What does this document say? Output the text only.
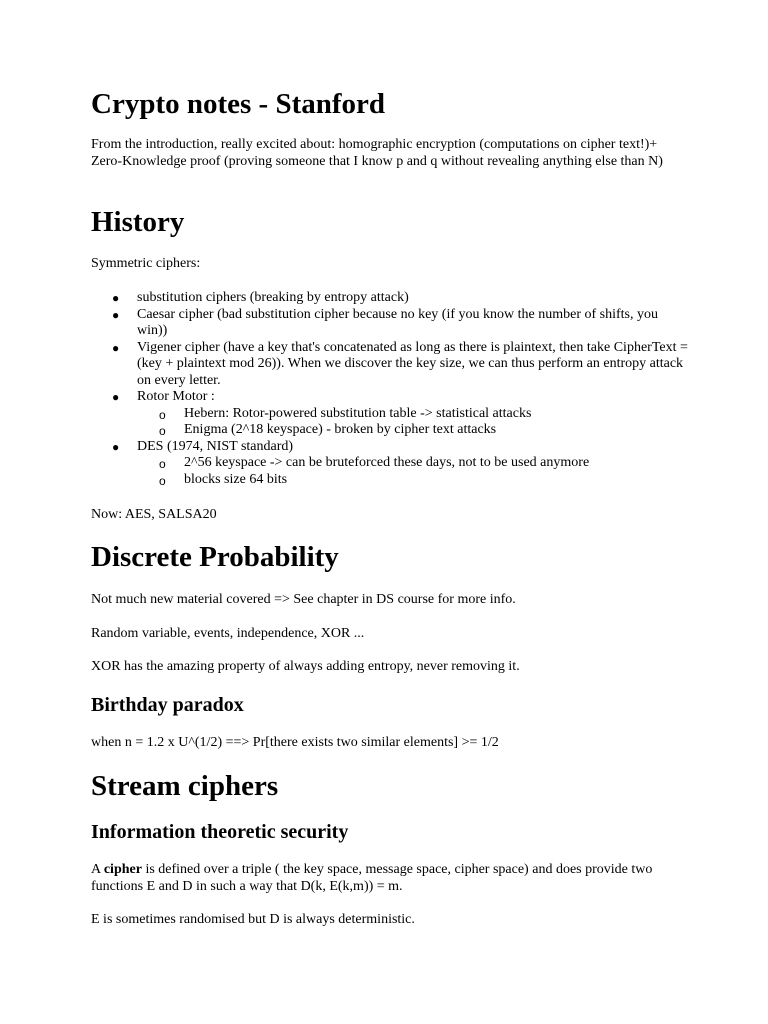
Crypto notes - Stanford

From the introduction, really excited about: homographic encryption (computations on cipher text!)+ Zero-Knowledge proof (proving someone that I know p and q without revealing anything else than N)

History

Symmetric ciphers:

● substitution ciphers (breaking by entropy attack)
● Caesar cipher (bad substitution cipher because no key (if you know the number of shifts, you win))
● Vigener cipher (have a key that's concatenated as long as there is plaintext, then take CipherText = (key + plaintext mod 26)). When we discover the key size, we can thus perform an entropy attack on every letter.
● Rotor Motor :
o Hebern: Rotor-powered substitution table -> statistical attacks
o Enigma (2^18 keyspace) - broken by cipher text attacks
● DES (1974, NIST standard)
o 2^56 keyspace -> can be bruteforced these days, not to be used anymore
o blocks size 64 bits

Now: AES, SALSA20

Discrete Probability

Not much new material covered => See chapter in DS course for more info.

Random variable, events, independence, XOR ...

XOR has the amazing property of always adding entropy, never removing it.

Birthday paradox

when n = 1.2 x U^(1/2) ==> Pr[there exists two similar elements] >= 1/2

Stream ciphers
Information theoretic security

A cipher is defined over a triple ( the key space, message space, cipher space) and does provide two functions E and D in such a way that D(k, E(k,m)) = m.

E is sometimes randomised but D is always deterministic.
